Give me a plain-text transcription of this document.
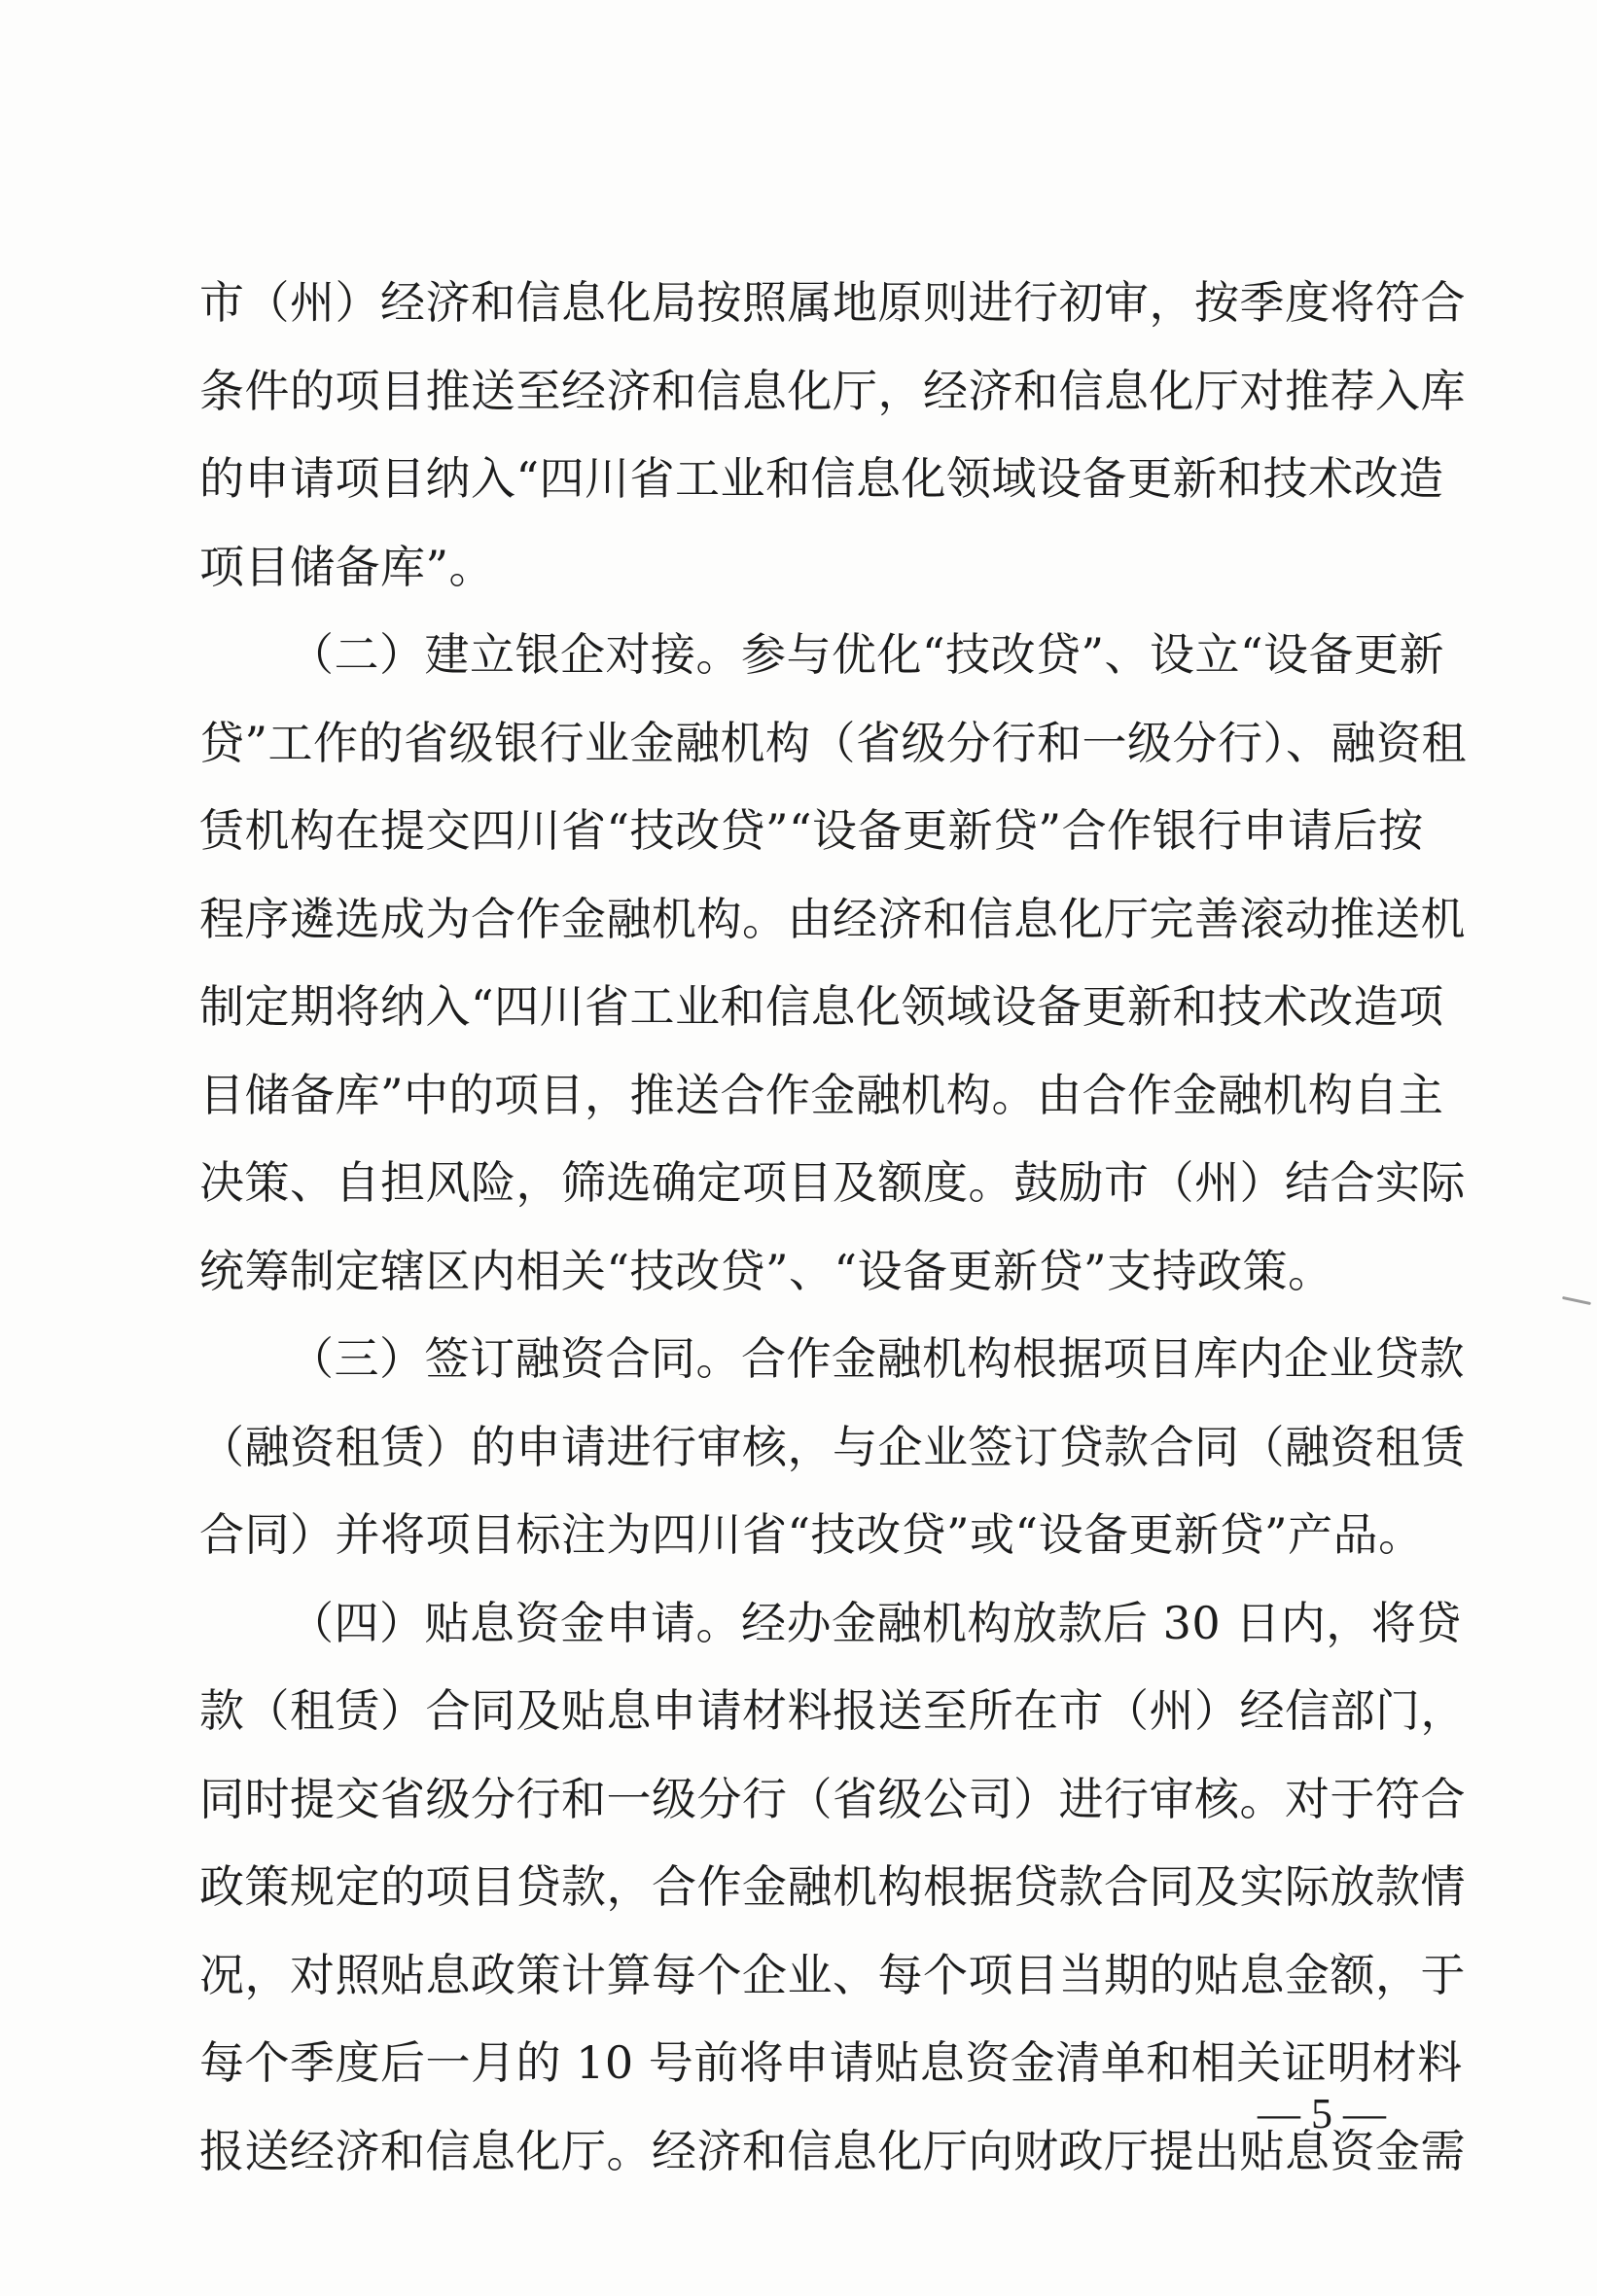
市（州）经济和信息化局按照属地原则进行初审，按季度将符合
条件的项目推送至经济和信息化厅，经济和信息化厅对推荐入库
的申请项目纳入“四川省工业和信息化领域设备更新和技术改造
项目储备库”。
（二）建立银企对接。参与优化“技改贷”、设立“设备更新
贷”工作的省级银行业金融机构（省级分行和一级分行）、融资租
赁机构在提交四川省“技改贷”“设备更新贷”合作银行申请后按
程序遴选成为合作金融机构。由经济和信息化厅完善滚动推送机
制定期将纳入“四川省工业和信息化领域设备更新和技术改造项
目储备库”中的项目，推送合作金融机构。由合作金融机构自主
决策、自担风险，筛选确定项目及额度。鼓励市（州）结合实际
统筹制定辖区内相关“技改贷”、“设备更新贷”支持政策。
（三）签订融资合同。合作金融机构根据项目库内企业贷款
（融资租赁）的申请进行审核，与企业签订贷款合同（融资租赁
合同）并将项目标注为四川省“技改贷”或“设备更新贷”产品。
（四）贴息资金申请。经办金融机构放款后 30 日内，将贷
款（租赁）合同及贴息申请材料报送至所在市（州）经信部门，
同时提交省级分行和一级分行（省级公司）进行审核。对于符合
政策规定的项目贷款，合作金融机构根据贷款合同及实际放款情
况，对照贴息政策计算每个企业、每个项目当期的贴息金额，于
每个季度后一月的 10 号前将申请贴息资金清单和相关证明材料
报送经济和信息化厅。经济和信息化厅向财政厅提出贴息资金需
— 5 —
